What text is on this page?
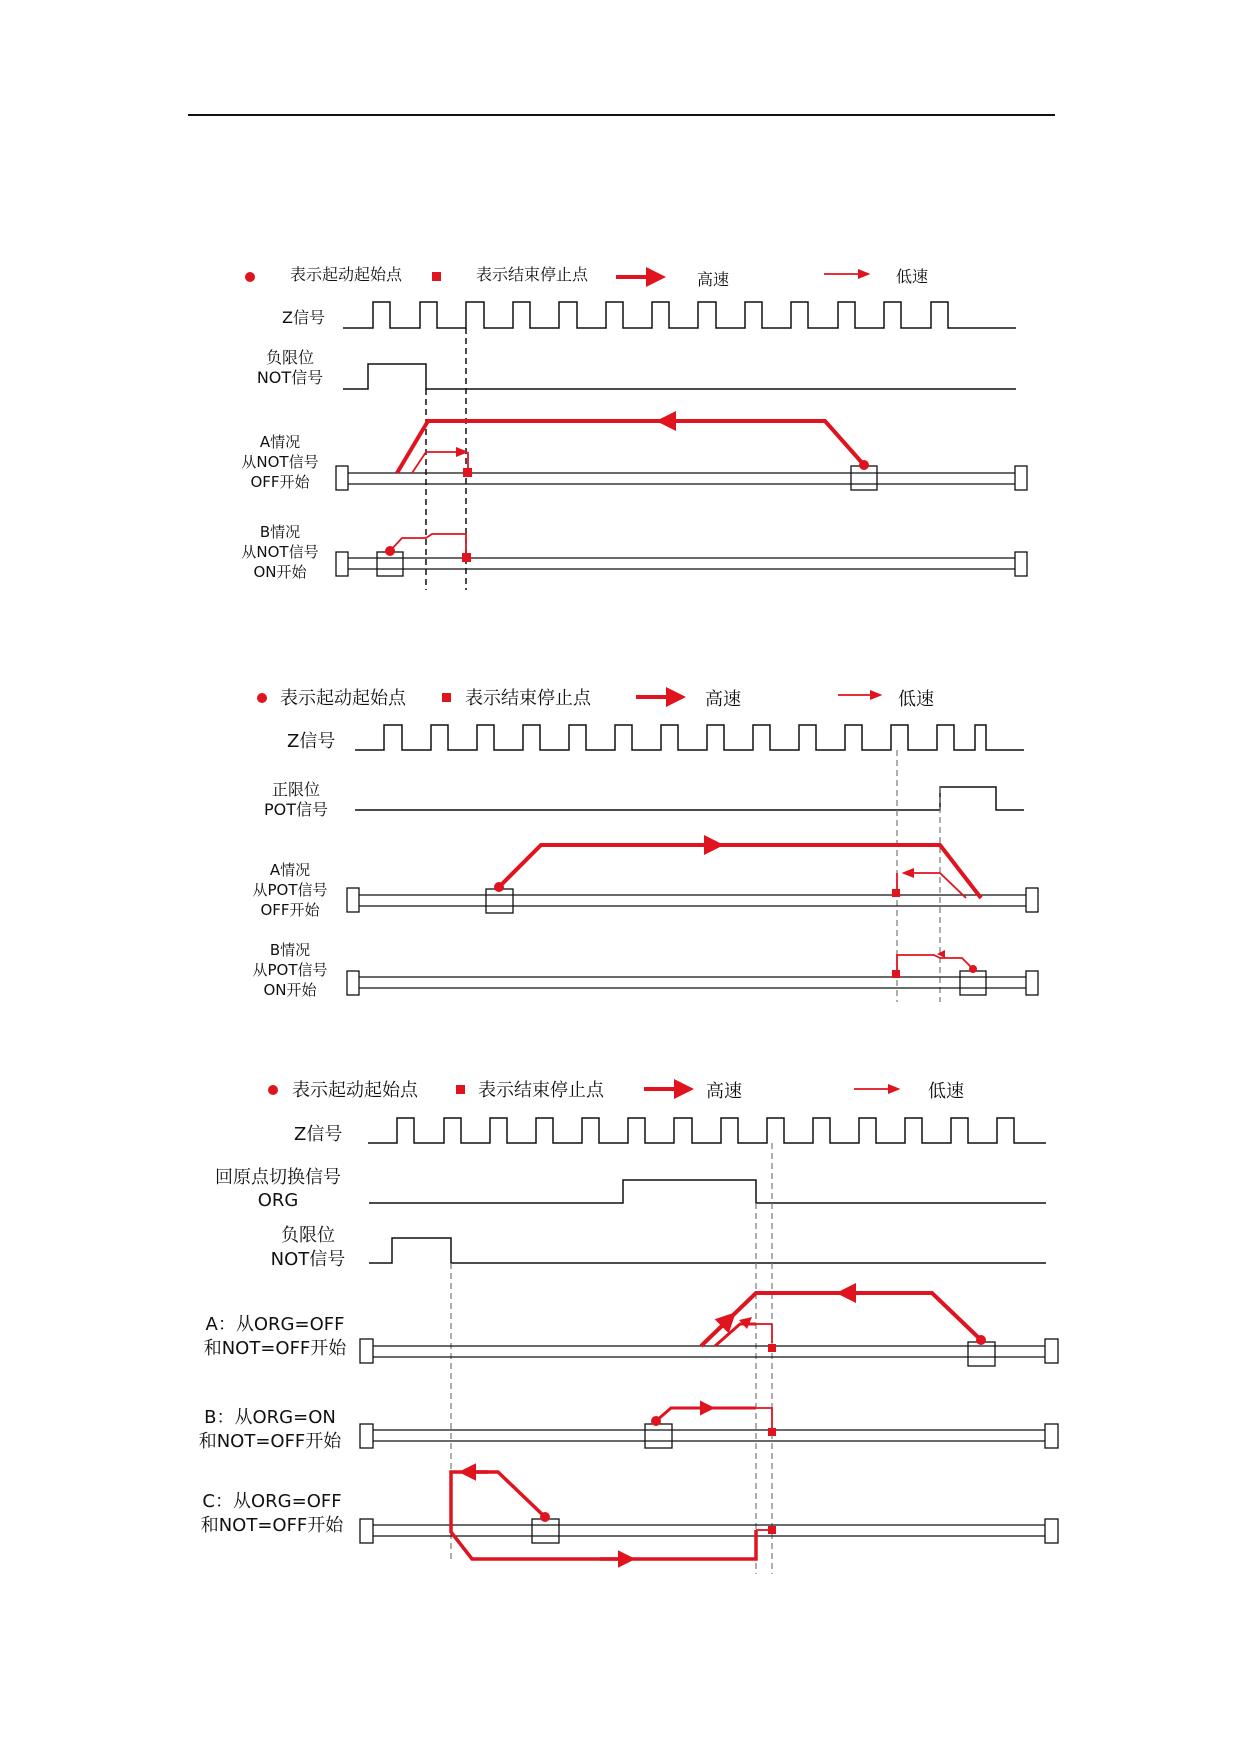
表示起动起始点	表示结束停止点	高速	低速
Z信号
负限位
NOT信号
A情况
从NOT信号
OFF开始
B情况
从NOT信号
ON开始
表示起动起始点	表示结束停止点	高速	低速
Z信号
正限位
POT信号
A情况
从POT信号
OFF开始
B情况
从POT信号
ON开始
表示起动起始点	表示结束停止点	高速	低速
Z信号
回原点切换信号
ORG
负限位
NOT信号
A：从ORG=OFF
和NOT=OFF开始
B：从ORG=ON
和NOT=OFF开始
C：从ORG=OFF
和NOT=OFF开始
